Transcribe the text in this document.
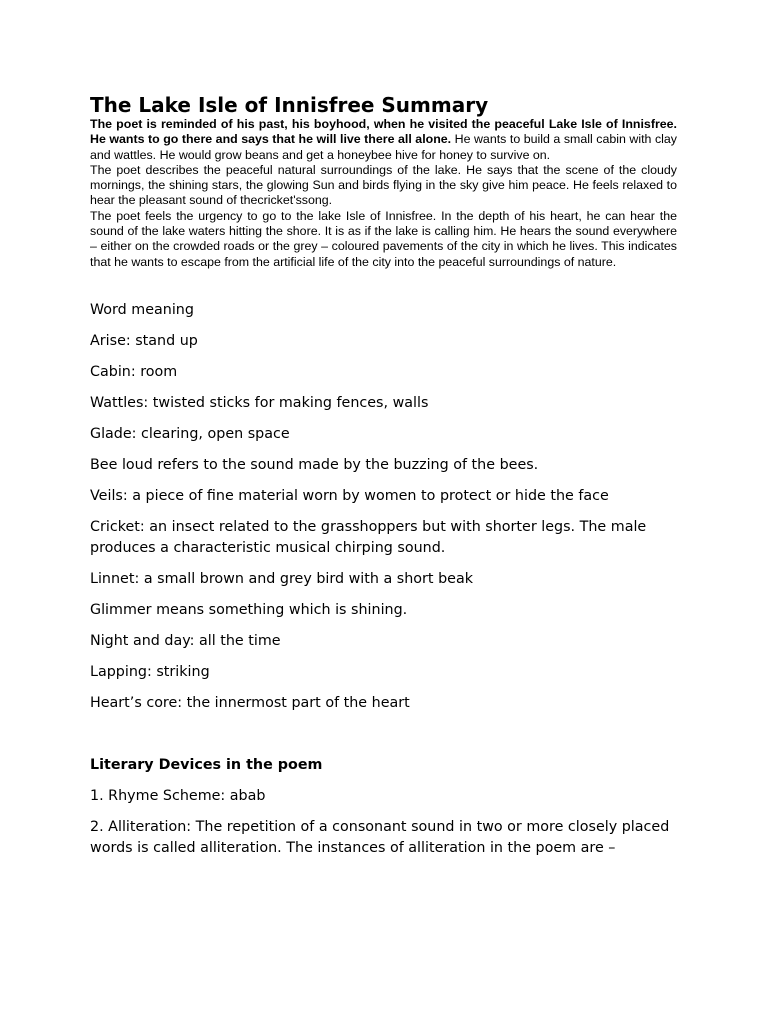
The Lake Isle of Innisfree Summary

The poet is reminded of his past, his boyhood, when he visited the peaceful Lake Isle of Innisfree. He wants to go there and says that he will live there all alone. He wants to build a small cabin with clay and wattles. He would grow beans and get a honeybee hive for honey to survive on.

The poet describes the peaceful natural surroundings of the lake. He says that the scene of the cloudy mornings, the shining stars, the glowing Sun and birds flying in the sky give him peace. He feels relaxed to hear the pleasant sound of thecricket'ssong.

The poet feels the urgency to go to the lake Isle of Innisfree. In the depth of his heart, he can hear the sound of the lake waters hitting the shore. It is as if the lake is calling him. He hears the sound everywhere – either on the crowded roads or the grey – coloured pavements of the city in which he lives. This indicates that he wants to escape from the artificial life of the city into the peaceful surroundings of nature.

Word meaning
Arise: stand up
Cabin: room
Wattles: twisted sticks for making fences, walls
Glade: clearing, open space
Bee loud refers to the sound made by the buzzing of the bees.
Veils: a piece of fine material worn by women to protect or hide the face
Cricket: an insect related to the grasshoppers but with shorter legs. The male produces a characteristic musical chirping sound.
Linnet: a small brown and grey bird with a short beak
Glimmer means something which is shining.
Night and day: all the time
Lapping: striking
Heart’s core: the innermost part of the heart
Literary Devices in the poem
1. Rhyme Scheme: abab
2. Alliteration: The repetition of a consonant sound in two or more closely placed words is called alliteration. The instances of alliteration in the poem are –
